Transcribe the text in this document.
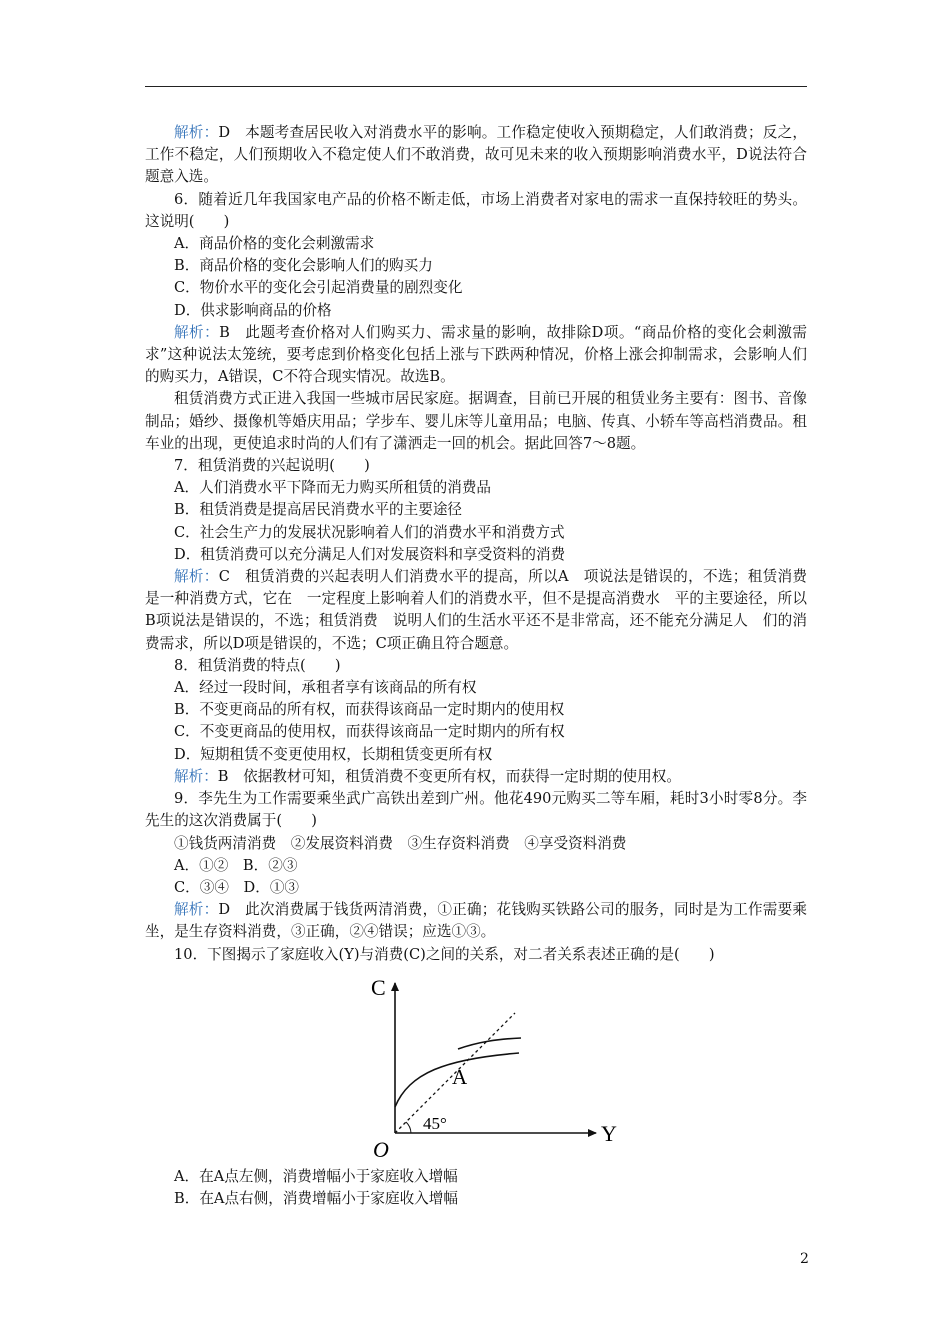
解析：D　本题考查居民收入对消费水平的影响。工作稳定使收入预期稳定，人们敢消费；反之，工作不稳定，人们预期收入不稳定使人们不敢消费，故可见未来的收入预期影响消费水平，D说法符合题意入选。

6．随着近几年我国家电产品的价格不断走低，市场上消费者对家电的需求一直保持较旺的势头。这说明(　　)

A．商品价格的变化会刺激需求

B．商品价格的变化会影响人们的购买力

C．物价水平的变化会引起消费量的剧烈变化

D．供求影响商品的价格

解析：B　此题考查价格对人们购买力、需求量的影响，故排除D项。“商品价格的变化会刺激需求”这种说法太笼统，要考虑到价格变化包括上涨与下跌两种情况，价格上涨会抑制需求，会影响人们的购买力，A错误，C不符合现实情况。故选B。

租赁消费方式正进入我国一些城市居民家庭。据调查，目前已开展的租赁业务主要有：图书、音像制品；婚纱、摄像机等婚庆用品；学步车、婴儿床等儿童用品；电脑、传真、小轿车等高档消费品。租车业的出现，更使追求时尚的人们有了潇洒走一回的机会。据此回答7～8题。

7．租赁消费的兴起说明(　　)

A．人们消费水平下降而无力购买所租赁的消费品

B．租赁消费是提高居民消费水平的主要途径

C．社会生产力的发展状况影响着人们的消费水平和消费方式

D．租赁消费可以充分满足人们对发展资料和享受资料的消费

解析：C　租赁消费的兴起表明人们消费水平的提高，所以A　项说法是错误的，不选；租赁消费是一种消费方式，它在　一定程度上影响着人们的消费水平，但不是提高消费水　平的主要途径，所以B项说法是错误的，不选；租赁消费　说明人们的生活水平还不是非常高，还不能充分满足人　们的消费需求，所以D项是错误的，不选；C项正确且符合题意。

8．租赁消费的特点(　　)

A．经过一段时间，承租者享有该商品的所有权

B．不变更商品的所有权，而获得该商品一定时期内的使用权

C．不变更商品的使用权，而获得该商品一定时期内的所有权

D．短期租赁不变更使用权，长期租赁变更所有权

解析：B　依据教材可知，租赁消费不变更所有权，而获得一定时期的使用权。

9．李先生为工作需要乘坐武广高铁出差到广州。他花490元购买二等车厢，耗时3小时零8分。李先生的这次消费属于(　　)

①钱货两清消费　②发展资料消费　③生存资料消费　④享受资料消费

A．①②　B．②③

C．③④　D．①③

解析：D　此次消费属于钱货两清消费，①正确；花钱购买铁路公司的服务，同时是为工作需要乘坐，是生存资料消费，③正确，②④错误；应选①③。

10．下图揭示了家庭收入(Y)与消费(C)之间的关系，对二者关系表述正确的是(　　)

C
Y
O
A
45°

A．在A点左侧，消费增幅小于家庭收入增幅

B．在A点右侧，消费增幅小于家庭收入增幅

2
